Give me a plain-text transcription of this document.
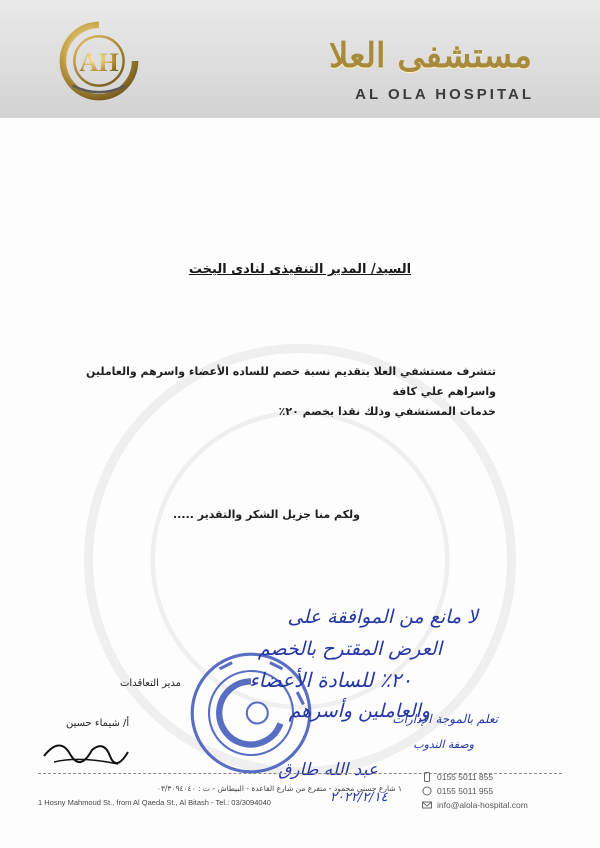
AH	مستشفى العلا
AL OLA HOSPITAL
السيد/ المدير التنفيذى لنادى اليخت
تتشرف مستشفي العلا بتقديم نسبة خصم للساده الأعضاء واسرهم والعاملين واسراهم علي كافة
خدمات المستشفي وذلك نقدا بخصم ٢٠٪
ولكم منا جزيل الشكر والتقدير .....
مدير التعاقدات
أ/ شيماء حسين
لا مانع من الموافقة على
العرض المقترح بالخصم
٢٠٪ للسادة الأعضاء
والعاملين وأسرهم
تعلم بالموجة الإدارات
وصفة الندوب
عبد الله طارق
٢٠٢٢/٢/١٤
١ شارع حسني محمود - متفرع من شارع القاعدة - البيطاش - ت : ٠٣/٣٠٩٤٠٤٠
1 Hosny Mahmoud St., from Al Qaeda St., Al Bitash - Tel.: 03/3094040
0155 5011 855
0155 5011 955
info@alola-hospital.com
